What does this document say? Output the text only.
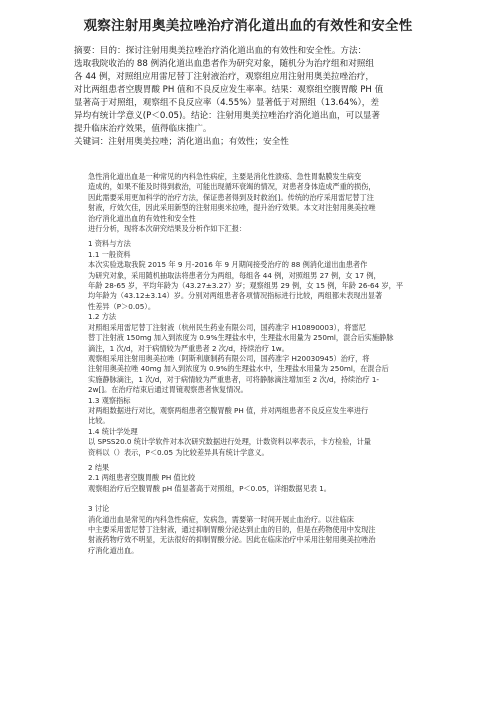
观察注射用奥美拉唑治疗消化道出血的有效性和安全性

摘要：目的：探讨注射用奥美拉唑治疗消化道出血的有效性和安全性。方法：

选取我院收治的 88 例消化道出血患者作为研究对象，随机分为治疗组和对照组

各 44 例，对照组应用雷尼替丁注射液治疗，观察组应用注射用奥美拉唑治疗，

对比两组患者空腹胃酸 PH 值和不良反应发生率率。结果：观察组空腹胃酸 PH 值

显著高于对照组，观察组不良反应率（4.55%）显著低于对照组（13.64%），差

异均有统计学意义(P＜0.05)。结论：注射用奥美拉唑治疗消化道出血，可以显著

提升临床治疗效果，值得临床推广。

关键词：注射用奥美拉唑；消化道出血；有效性；安全性

急性消化道出血是一种常见的内科急性病症，主要是消化性溃疡、急性胃黏膜发生病变

造成的，如果不能及时得到救治，可能出现循环衰竭的情况，对患者身体造成严重的损伤，

因此需要采用更加科学的治疗方法，保证患者得到及时救治[]。传统的治疗采用雷尼替丁注

射液，疗效欠佳，因此采用新型的注射用奥米拉唑，提升治疗效果。本文对注射用奥美拉唑

治疗消化道出血的有效性和安全性

进行分析，现将本次研究结果及分析作如下汇报：

1 资料与方法

1.1 一般资料

本次实验选取我院 2015 年 9 月-2016 年 9 月期间接受治疗的 88 例消化道出血患者作

为研究对象，采用随机抽取法将患者分为两组，每组各 44 例，对照组男 27 例，女 17 例，

年龄 28-65 岁，平均年龄为（43.27±3.27）岁；观察组男 29 例，女 15 例，年龄 26-64 岁，平

均年龄为（43.12±3.14）岁。分别对两组患者各项情况指标进行比较，两组都未表现出显著

性差异（P＞0.05）。

1.2 方法

对照组采用雷尼替丁注射液（杭州民生药业有限公司，国药准字 H10890003），将雷尼

替丁注射液 150mg 加入到浓度为 0.9%生理盐水中，生理盐水用量为 250ml，混合后实施静脉

滴注，1 次/d，对于病情较为严重患者 2 次/d，持续治疗 1w。

观察组采用注射用奥美拉唑（阿斯利康制药有限公司，国药准字 H20030945）治疗，将

注射用奥美拉唑 40mg 加入到浓度为 0.9%的生理盐水中，生理盐水用量为 250ml，在混合后

实施静脉滴注，1 次/d，对于病情较为严重患者，可将静脉滴注增加至 2 次/d，持续治疗 1-

2w[]。在治疗结束后通过胃镜观察患者恢复情况。

1.3 观察指标

对两组数据进行对比，观察两组患者空腹胃酸 PH 值，并对两组患者不良反应发生率进行

比较。

1.4 统计学处理

以 SPSS20.0 统计学软件对本次研究数据进行处理，计数资料以率表示，卡方检验，计量

资料以（）表示，P＜0.05 为比较差异具有统计学意义。

2 结果

2.1 两组患者空腹胃酸 PH 值比较

观察组治疗后空腹胃酸 pH 值显著高于对照组，P＜0.05，详细数据见表 1。

3 讨论

消化道出血是常见的内科急性病症，发病急，需要第一时间开展止血治疗。以往临床

中主要采用雷尼替丁注射液，通过抑制胃酸分泌达到止血的目的，但是在药物使用中发现注

射液药物疗效不明显，无法很好的抑制胃酸分泌。因此在临床治疗中采用注射用奥美拉唑治

疗消化道出血。
